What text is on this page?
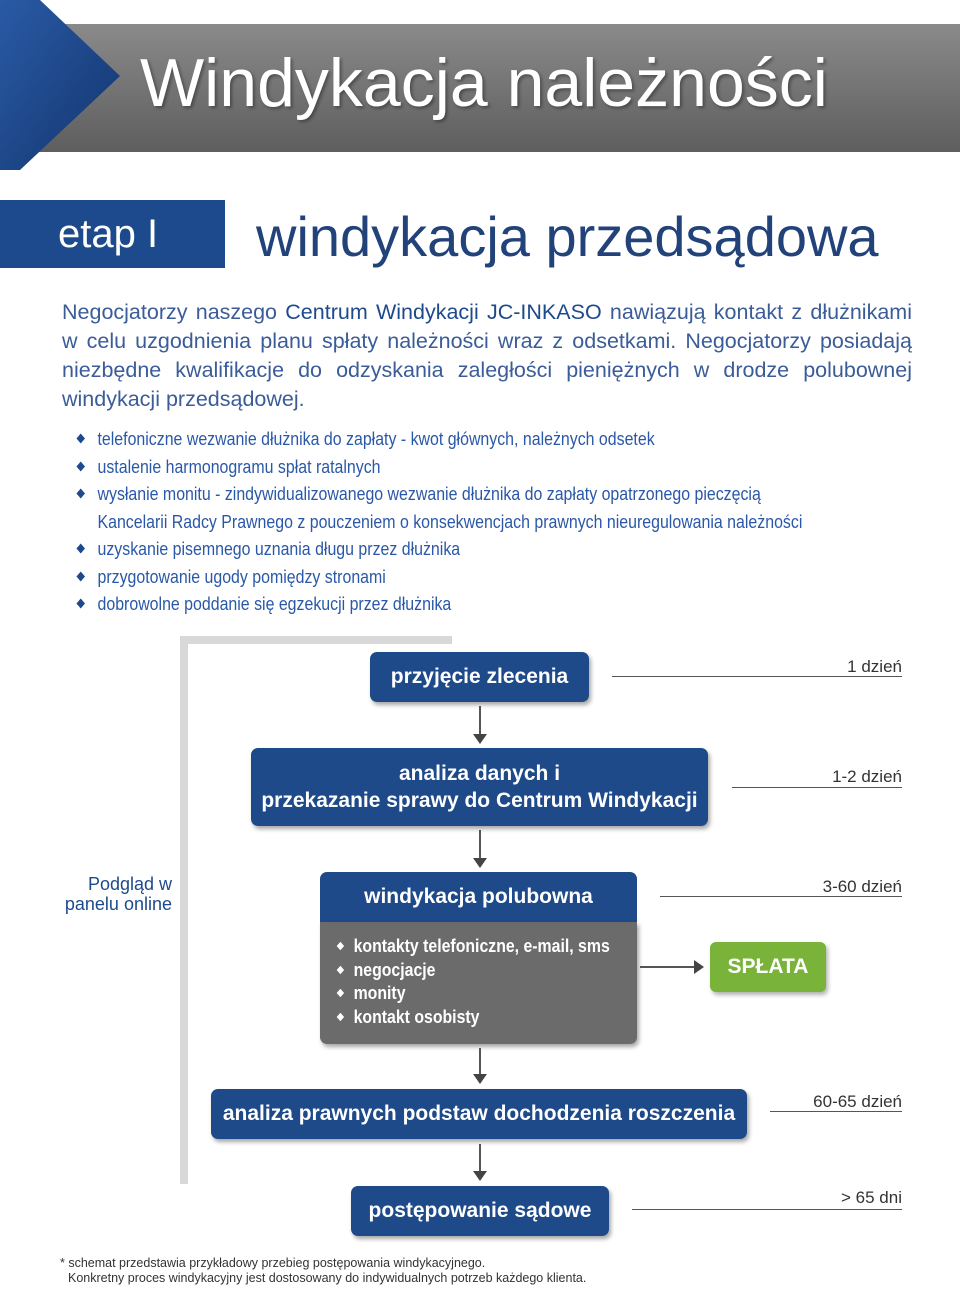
Windykacja należności
etap I windykacja przedsądowa
Negocjatorzy naszego Centrum Windykacji JC-INKASO nawiązują kontakt z dłużnikami w celu uzgodnienia planu spłaty należności wraz z odsetkami. Negocjatorzy posiadają niezbędne kwalifikacje do odzyskania zaległości pieniężnych w drodze polubownej windykacji przedsądowej.
telefoniczne wezwanie dłużnika do zapłaty - kwot głównych, należnych odsetek
ustalenie harmonogramu spłat ratalnych
wysłanie monitu - zindywidualizowanego wezwanie dłużnika do zapłaty opatrzonego pieczęcią
Kancelarii Radcy Prawnego z pouczeniem o konsekwencjach prawnych nieuregulowania należności
uzyskanie pisemnego uznania długu przez dłużnika
przygotowanie ugody pomiędzy stronami
dobrowolne poddanie się egzekucji przez dłużnika
przyjęcie zlecenia	1 dzień
analiza danych i
przekazanie sprawy do Centrum Windykacji
1-2 dzień
Podgląd w
panelu online	windykacja polubowna
kontakty telefoniczne, e-mail, sms
negocjacje
monity
kontakt osobisty
3-60 dzień
SPŁATA
analiza prawnych podstaw dochodzenia roszczenia
60-65 dzień
postępowanie sądowe
> 65 dni
* schemat przedstawia przykładowy przebieg postępowania windykacyjnego.
Konkretny proces windykacyjny jest dostosowany do indywidualnych potrzeb każdego klienta.
